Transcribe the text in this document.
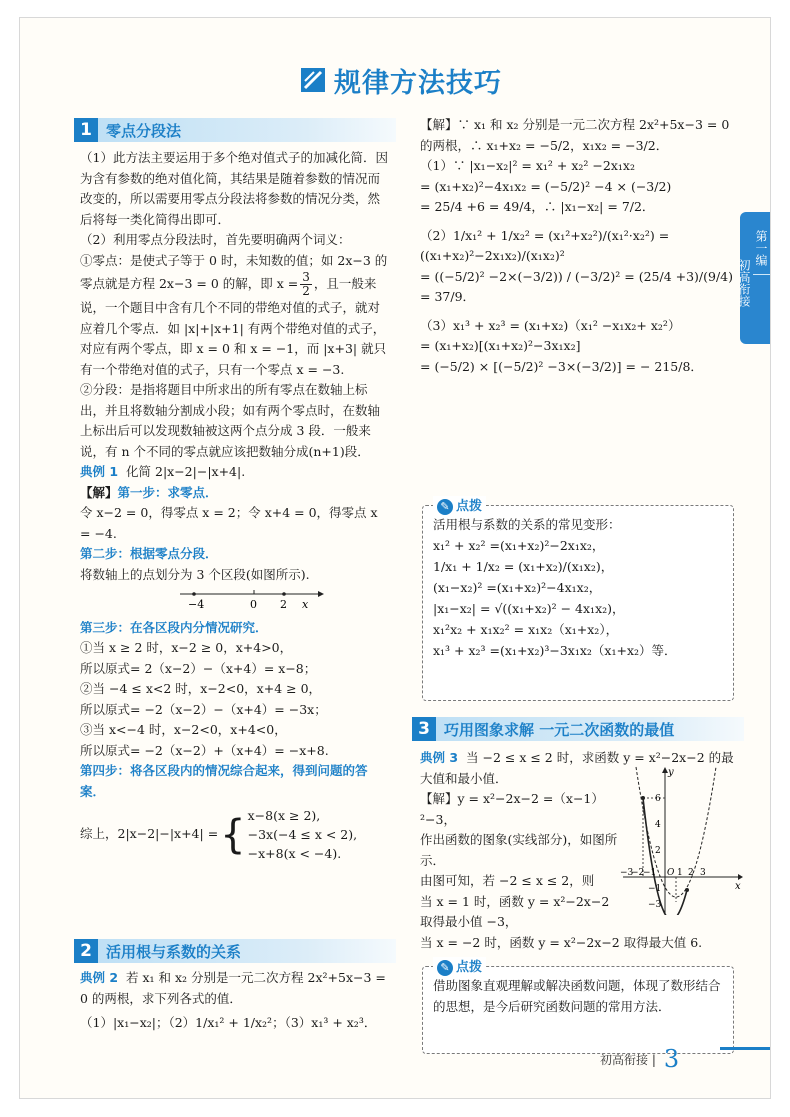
规律方法技巧
第一编
初高衔接
1 零点分段法

（1）此方法主要运用于多个绝对值式子的加减化简．因为含有参数的绝对值化简，其结果是随着参数的情况而改变的，所以需要用零点分段法将参数的情况分类，然后将每一类化简得出即可．

（2）利用零点分段法时，首先要明确两个词义：

①零点：是使式子等于 0 时，未知数的值；如 2x−3 的零点就是方程 2x−3 = 0 的解，即 $x = \frac{3}{2}$ ，且一般来说，一个题目中含有几个不同的带绝对值的式子，就对应着几个零点．如 |x|+|x+1| 有两个带绝对值的式子，对应有两个零点，即 x = 0 和 x = −1，而 |x+3| 就只有一个带绝对值的式子，只有一个零点 x = −3.

②分段：是指将题目中所求出的所有零点在数轴上标出，并且将数轴分割成小段；如有两个零点时，在数轴上标出后可以发现数轴被这两个点分成 3 段．一般来说，有 n 个不同的零点就应该把数轴分成(n+1)段．

典例 1 化简 2|x−2|−|x+4|.

【解】第一步：求零点．

令 x−2 = 0，得零点 x = 2；令 x+4 = 0，得零点 x = −4.

第二步：根据零点分段．

将数轴上的点划分为 3 个区段(如图所示).

−4	0 2 x

第三步：在各区段内分情况研究．

①当 x ≥ 2 时，x−2 ≥ 0，x+4>0，

所以原式= 2（x−2）−（x+4）= x−8；

②当 −4 ≤ x<2 时，x−2<0，x+4 ≥ 0，

所以原式= −2（x−2）−（x+4）= −3x；

③当 x<−4 时，x−2<0，x+4<0，

所以原式= −2（x−2）+（x+4）= −x+8.

第四步：将各区段内的情况综合起来，得到问题的答案．

综上，2|x−2|−|x+4| = { x−8(x ≥ 2),
−3x(−4 ≤ x < 2),
−x+8(x < −4).
2 活用根与系数的关系

典例 2 若 x₁ 和 x₂ 分别是一元二次方程 2x²+5x−3 = 0 的两根，求下列各式的值．

（1）|x₁−x₂|；（2）1/x₁² + 1/x₂²；（3）x₁³ + x₂³．

【解】∵ x₁ 和 x₂ 分别是一元二次方程 2x²+5x−3 = 0 的两根，∴ x₁+x₂ = −5/2，x₁x₂ = −3/2．

（1）∵ |x₁−x₂|² = x₁² + x₂² −2x₁x₂

= (x₁+x₂)²−4x₁x₂ = (−5/2)² −4 × (−3/2)

= 25/4 +6 = 49/4，∴ |x₁−x₂| = 7/2．

（2）1/x₁² + 1/x₂² = (x₁²+x₂²)/(x₁²·x₂²) = ((x₁+x₂)²−2x₁x₂)/(x₁x₂)²

= ((−5/2)² −2×(−3/2)) / (−3/2)² = (25/4 +3)/(9/4) = 37/9．

（3）x₁³ + x₂³ = (x₁+x₂)（x₁² −x₁x₂+ x₂²）

= (x₁+x₂)[(x₁+x₂)²−3x₁x₂]

= (−5/2) × [(−5/2)² −3×(−3/2)] = − 215/8．

✎ 点拨

活用根与系数的关系的常见变形：

x₁² + x₂² =(x₁+x₂)²−2x₁x₂，

1/x₁ + 1/x₂ = (x₁+x₂)/(x₁x₂)，

(x₁−x₂)² =(x₁+x₂)²−4x₁x₂，

|x₁−x₂| = √((x₁+x₂)² − 4x₁x₂)，

x₁²x₂ + x₁x₂² = x₁x₂（x₁+x₂），

x₁³ + x₂³ =(x₁+x₂)³−3x₁x₂（x₁+x₂）等．

3 巧用图象求解 一元二次函数的最值

典例 3 当 −2 ≤ x ≤ 2 时，求函数 y = x²−2x−2 的最大值和最小值．

【解】y = x²−2x−2 =（x−1）²−3，

作出函数的图象(实线部分)，如图所示．

由图可知，若 −2 ≤ x ≤ 2，则

当 x = 1 时，函数 y = x²−2x−2

取得最小值 −3，

当 x = −2 时，函数 y = x²−2x−2 取得最大值 6.

y
x
6
4
2
−1
−3
−3
−2
−1 O 1 2 3
✎ 点拨

借助图象直观理解或解决函数问题，体现了数形结合的思想，是今后研究函数问题的常用方法．

初高衔接 | 3
